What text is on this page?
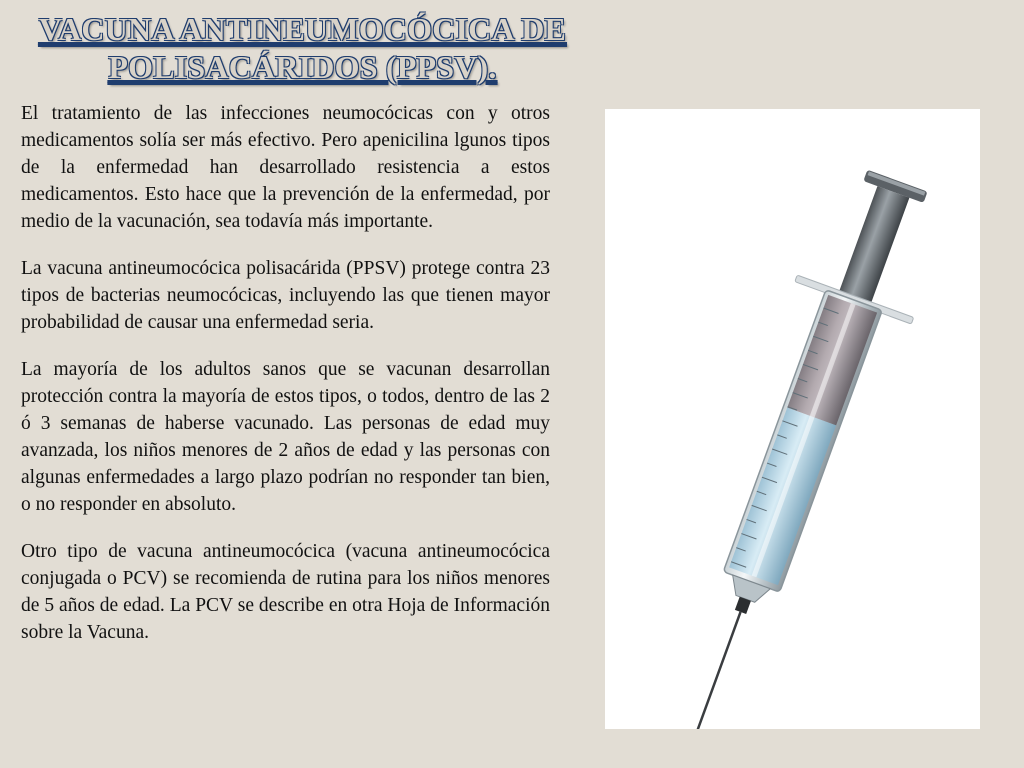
VACUNA ANTINEUMOCÓCICA DE
POLISACÁRIDOS (PPSV).

El tratamiento de las infecciones neumocócicas con y otros medicamentos solía ser más efectivo. Pero apenicilina lgunos tipos de la enfermedad han desarrollado resistencia a estos medicamentos. Esto hace que la prevención de la enfermedad, por medio de la vacunación, sea todavía más importante.

La vacuna antineumocócica polisacárida (PPSV) protege contra 23 tipos de bacterias neumocócicas, incluyendo las que tienen mayor probabilidad de causar una enfermedad seria.

La mayoría de los adultos sanos que se vacunan desarrollan protección contra la mayoría de estos tipos, o todos, dentro de las 2 ó 3 semanas de haberse vacunado. Las personas de edad muy avanzada, los niños menores de 2 años de edad y las personas con algunas enfermedades a largo plazo podrían no responder tan bien, o no responder en absoluto.

Otro tipo de vacuna antineumocócica (vacuna antineumocócica conjugada o PCV) se recomienda de rutina para los niños menores de 5 años de edad. La PCV se describe en otra Hoja de Información sobre la Vacuna.
